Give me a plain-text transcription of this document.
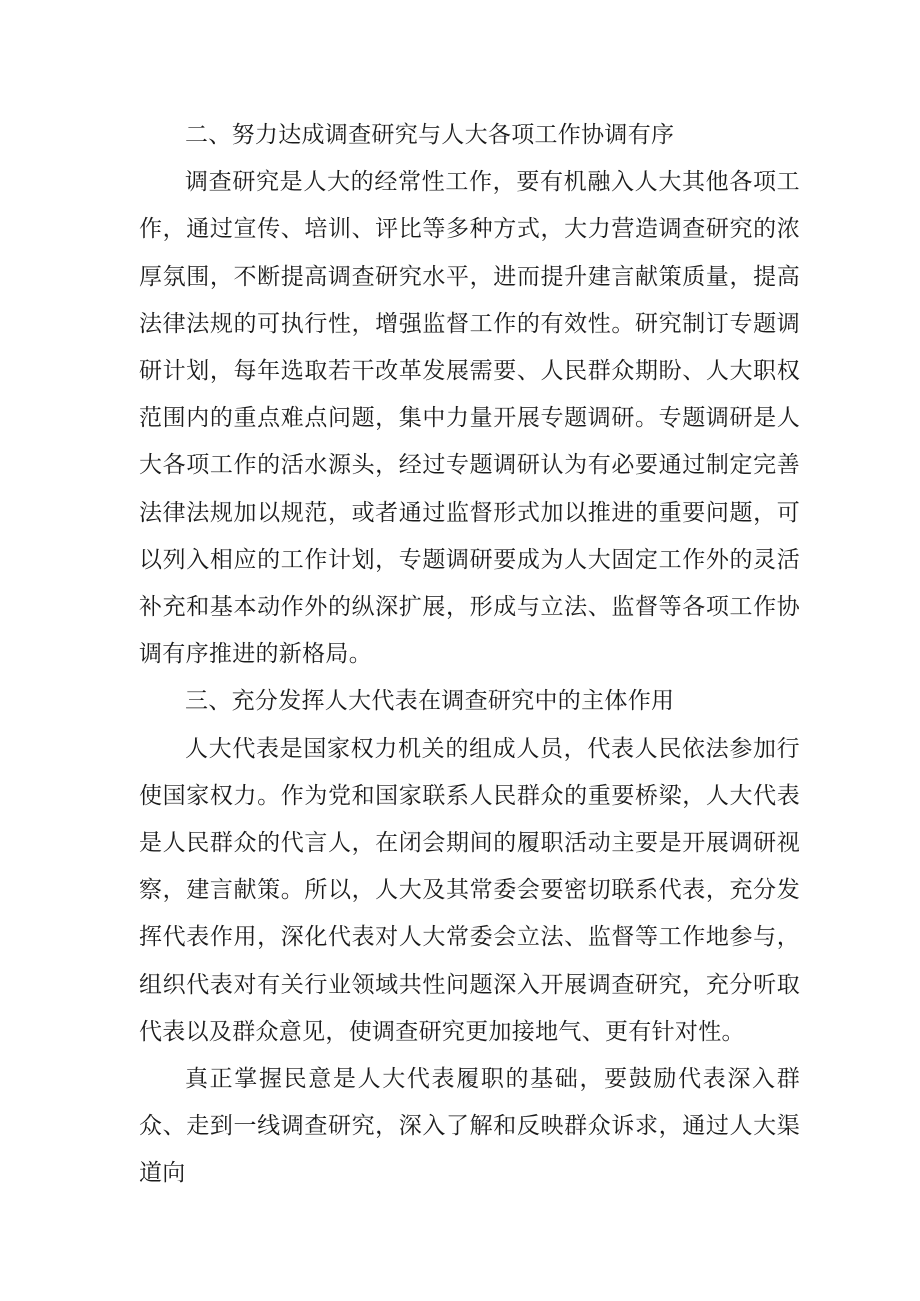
二、努力达成调查研究与人大各项工作协调有序

调查研究是人大的经常性工作，要有机融入人大其他各项工作，通过宣传、培训、评比等多种方式，大力营造调查研究的浓厚氛围，不断提高调查研究水平，进而提升建言献策质量，提高法律法规的可执行性，增强监督工作的有效性。研究制订专题调研计划，每年选取若干改革发展需要、人民群众期盼、人大职权范围内的重点难点问题，集中力量开展专题调研。专题调研是人大各项工作的活水源头，经过专题调研认为有必要通过制定完善法律法规加以规范，或者通过监督形式加以推进的重要问题，可以列入相应的工作计划，专题调研要成为人大固定工作外的灵活补充和基本动作外的纵深扩展，形成与立法、监督等各项工作协调有序推进的新格局。

三、充分发挥人大代表在调查研究中的主体作用

人大代表是国家权力机关的组成人员，代表人民依法参加行使国家权力。作为党和国家联系人民群众的重要桥梁，人大代表是人民群众的代言人，在闭会期间的履职活动主要是开展调研视察，建言献策。所以，人大及其常委会要密切联系代表，充分发挥代表作用，深化代表对人大常委会立法、监督等工作地参与，组织代表对有关行业领域共性问题深入开展调查研究，充分听取代表以及群众意见，使调查研究更加接地气、更有针对性。

真正掌握民意是人大代表履职的基础，要鼓励代表深入群众、走到一线调查研究，深入了解和反映群众诉求，通过人大渠道向
